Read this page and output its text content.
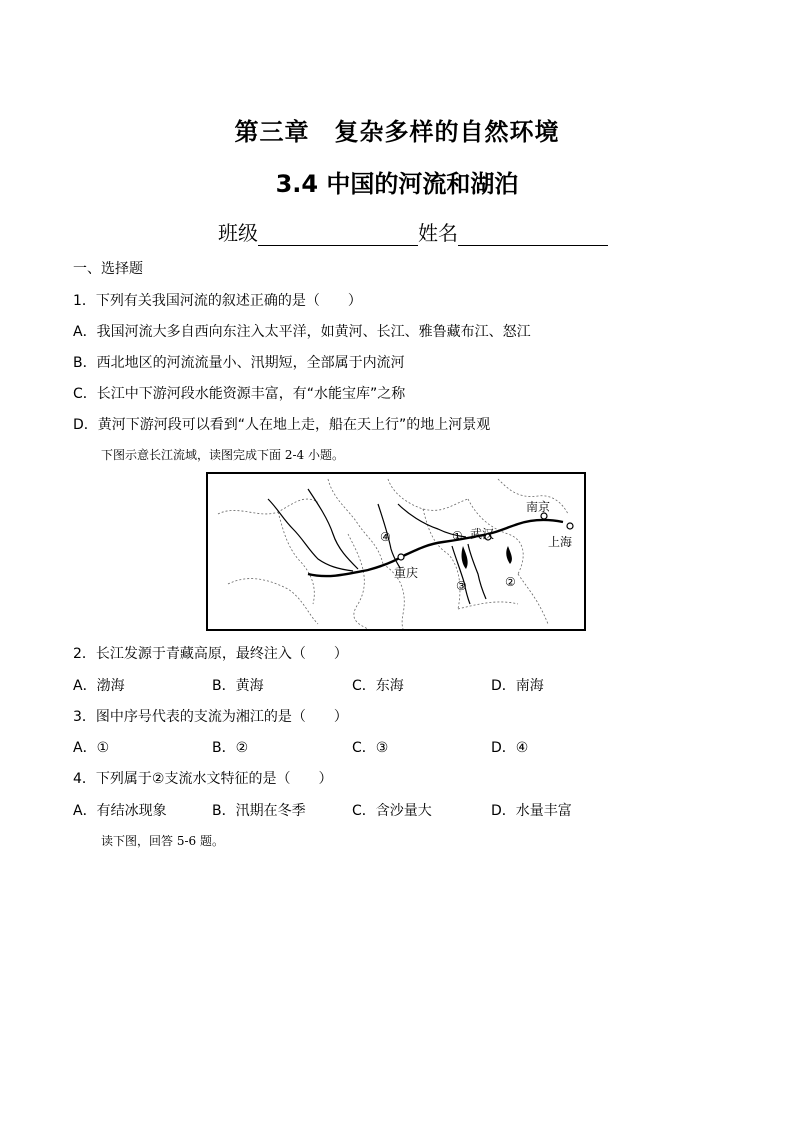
第三章　复杂多样的自然环境
3.4 中国的河流和湖泊
班级	姓名
一、选择题
1．下列有关我国河流的叙述正确的是（　　）
A．我国河流大多自西向东注入太平洋，如黄河、长江、雅鲁藏布江、怒江
B．西北地区的河流流量小、汛期短，全部属于内流河
C．长江中下游河段水能资源丰富，有“水能宝库”之称
D．黄河下游河段可以看到“人在地上走，船在天上行”的地上河景观
下图示意长江流域，读图完成下面 2-4 小题。
南京
上海
武汉
重庆
①
②
③
④
2．长江发源于青藏高原，最终注入（　　）
A．渤海	B．黄海	C．东海	D．南海
3．图中序号代表的支流为湘江的是（　　）
A．①	B．②	C．③	D．④
4．下列属于②支流水文特征的是（　　）
A．有结冰现象	B．汛期在冬季	C．含沙量大	D．水量丰富
读下图，回答 5-6 题。
